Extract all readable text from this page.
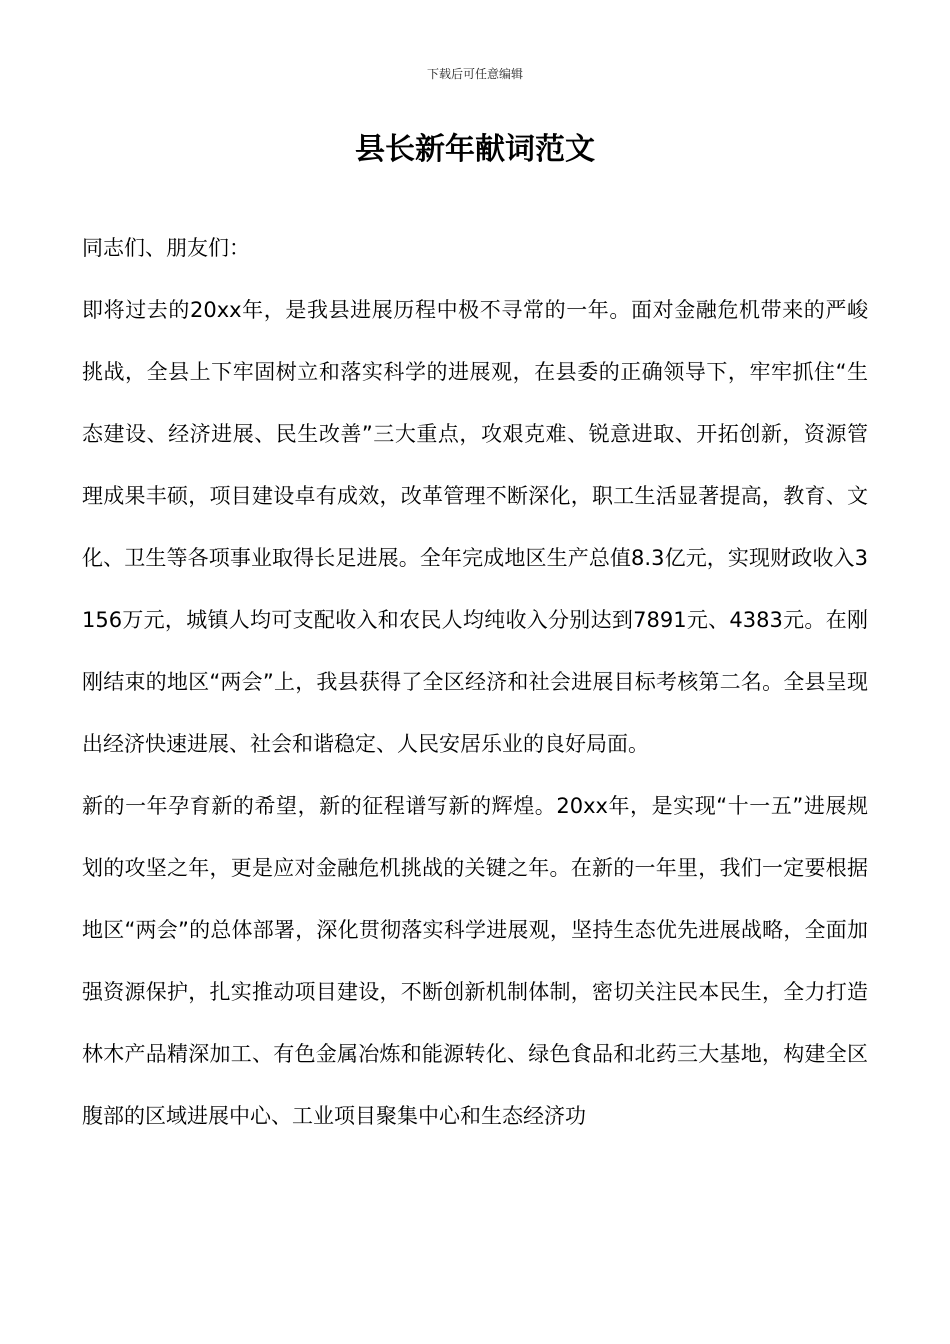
下载后可任意编辑
县长新年献词范文

同志们、朋友们：

即将过去的20xx年，是我县进展历程中极不寻常的一年。面对金融危机带来的严峻挑战，全县上下牢固树立和落实科学的进展观，在县委的正确领导下，牢牢抓住“生态建设、经济进展、民生改善”三大重点，攻艰克难、锐意进取、开拓创新，资源管理成果丰硕，项目建设卓有成效，改革管理不断深化，职工生活显著提高，教育、文化、卫生等各项事业取得长足进展。全年完成地区生产总值8.3亿元，实现财政收入3156万元，城镇人均可支配收入和农民人均纯收入分别达到7891元、4383元。在刚刚结束的地区“两会”上，我县获得了全区经济和社会进展目标考核第二名。全县呈现出经济快速进展、社会和谐稳定、人民安居乐业的良好局面。

新的一年孕育新的希望，新的征程谱写新的辉煌。20xx年，是实现“十一五”进展规划的攻坚之年，更是应对金融危机挑战的关键之年。在新的一年里，我们一定要根据地区“两会”的总体部署，深化贯彻落实科学进展观，坚持生态优先进展战略，全面加强资源保护，扎实推动项目建设，不断创新机制体制，密切关注民本民生，全力打造林木产品精深加工、有色金属冶炼和能源转化、绿色食品和北药三大基地，构建全区腹部的区域进展中心、工业项目聚集中心和生态经济功
